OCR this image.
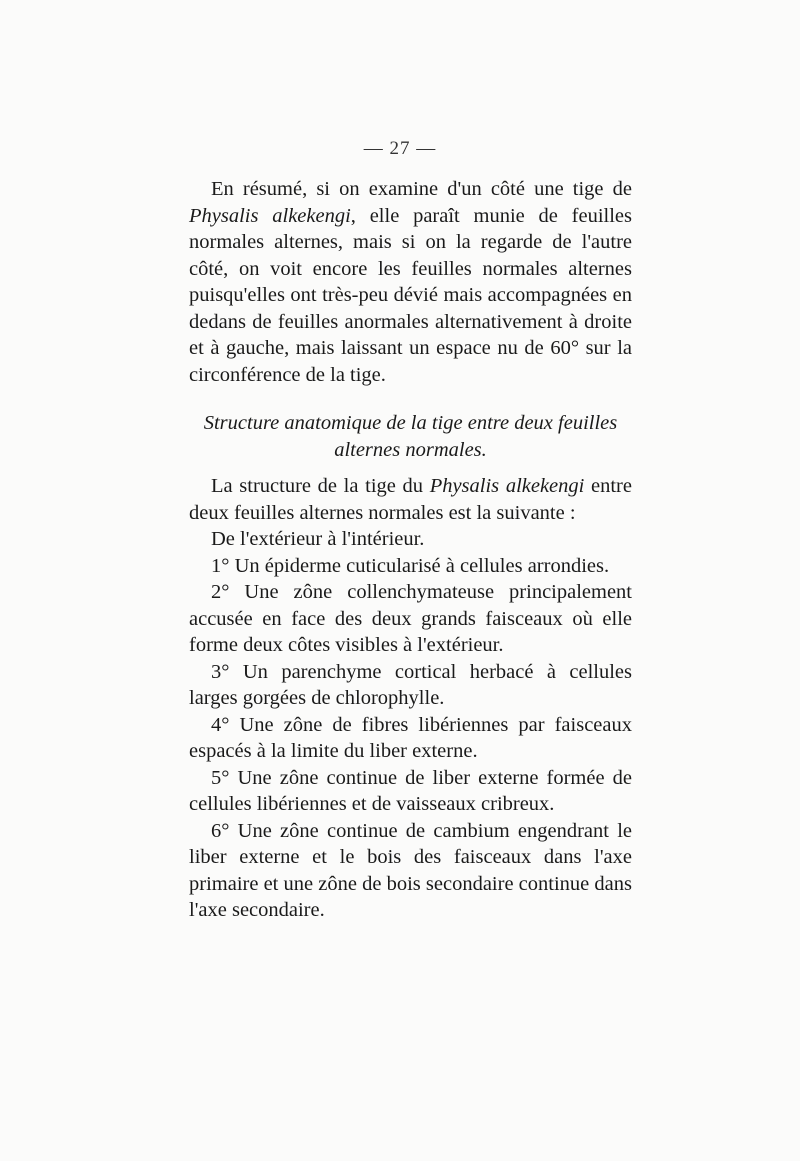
— 27 —

En résumé, si on examine d'un côté une tige de Physalis alkekengi, elle paraît munie de feuilles normales alternes, mais si on la regarde de l'autre côté, on voit encore les feuilles normales alternes puisqu'elles ont très-peu dévié mais accompagnées en dedans de feuilles anormales alternativement à droite et à gauche, mais laissant un espace nu de 60° sur la circonférence de la tige.

Structure anatomique de la tige entre deux feuilles
alternes normales.

La structure de la tige du Physalis alkekengi entre deux feuilles alternes normales est la suivante :

De l'extérieur à l'intérieur.

1° Un épiderme cuticularisé à cellules arrondies.

2° Une zône collenchymateuse principalement accusée en face des deux grands faisceaux où elle forme deux côtes visibles à l'extérieur.

3° Un parenchyme cortical herbacé à cellules larges gorgées de chlorophylle.

4° Une zône de fibres libériennes par faisceaux espacés à la limite du liber externe.

5° Une zône continue de liber externe formée de cellules libériennes et de vaisseaux cribreux.

6° Une zône continue de cambium engendrant le liber externe et le bois des faisceaux dans l'axe primaire et une zône de bois secondaire continue dans l'axe secondaire.
